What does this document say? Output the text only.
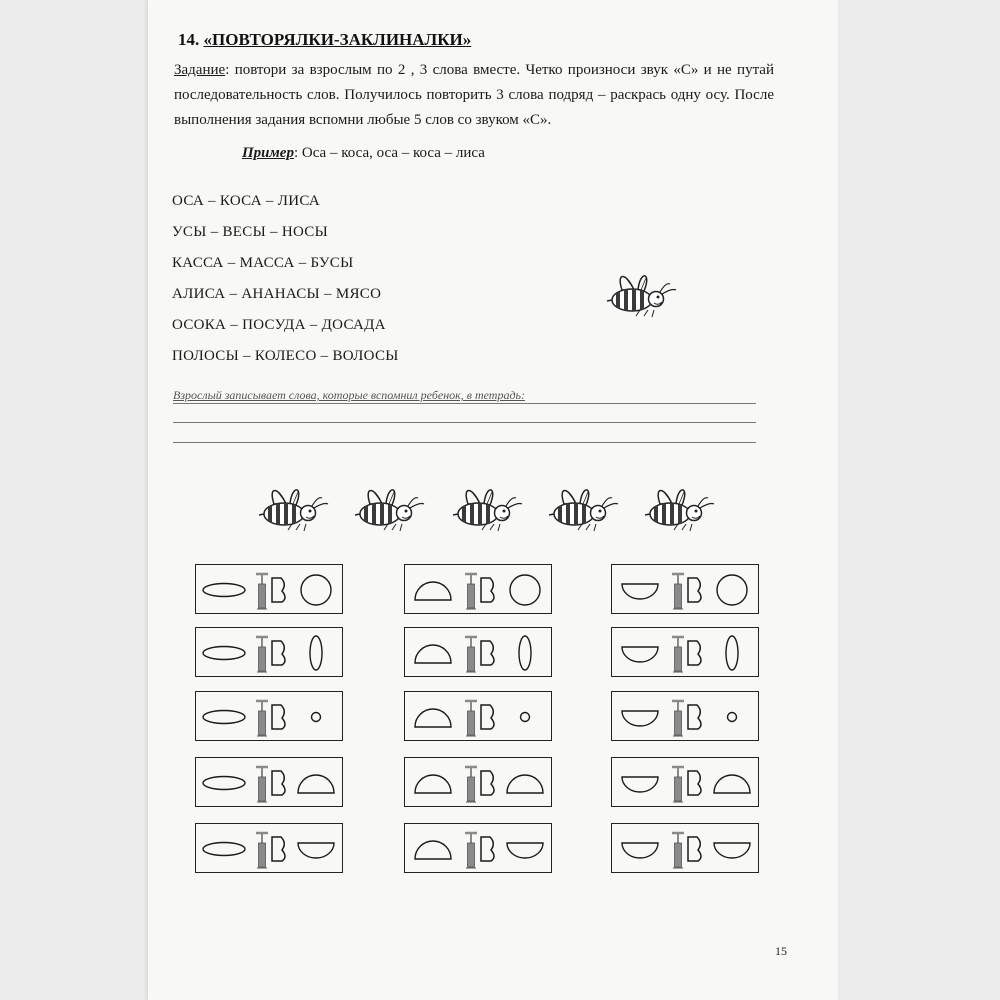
14. «ПОВТОРЯЛКИ-ЗАКЛИНАЛКИ»
Задание: повтори за взрослым по 2 , 3 слова вместе. Четко произноси звук «С» и не путай последовательность слов. Получилось повторить 3 слова подряд – раскрась одну осу. После выполнения задания вспомни любые 5 слов со звуком «С».
Пример: Оса – коса, оса – коса – лиса
ОСА – КОСА – ЛИСА
УСЫ – ВЕСЫ – НОСЫ
КАССА – МАССА – БУСЫ
АЛИСА – АНАНАСЫ – МЯСО
ОСОКА – ПОСУДА – ДОСАДА
ПОЛОСЫ – КОЛЕСО – ВОЛОСЫ
Взрослый записывает слова, которые вспомнил ребенок, в тетрадь:
15
